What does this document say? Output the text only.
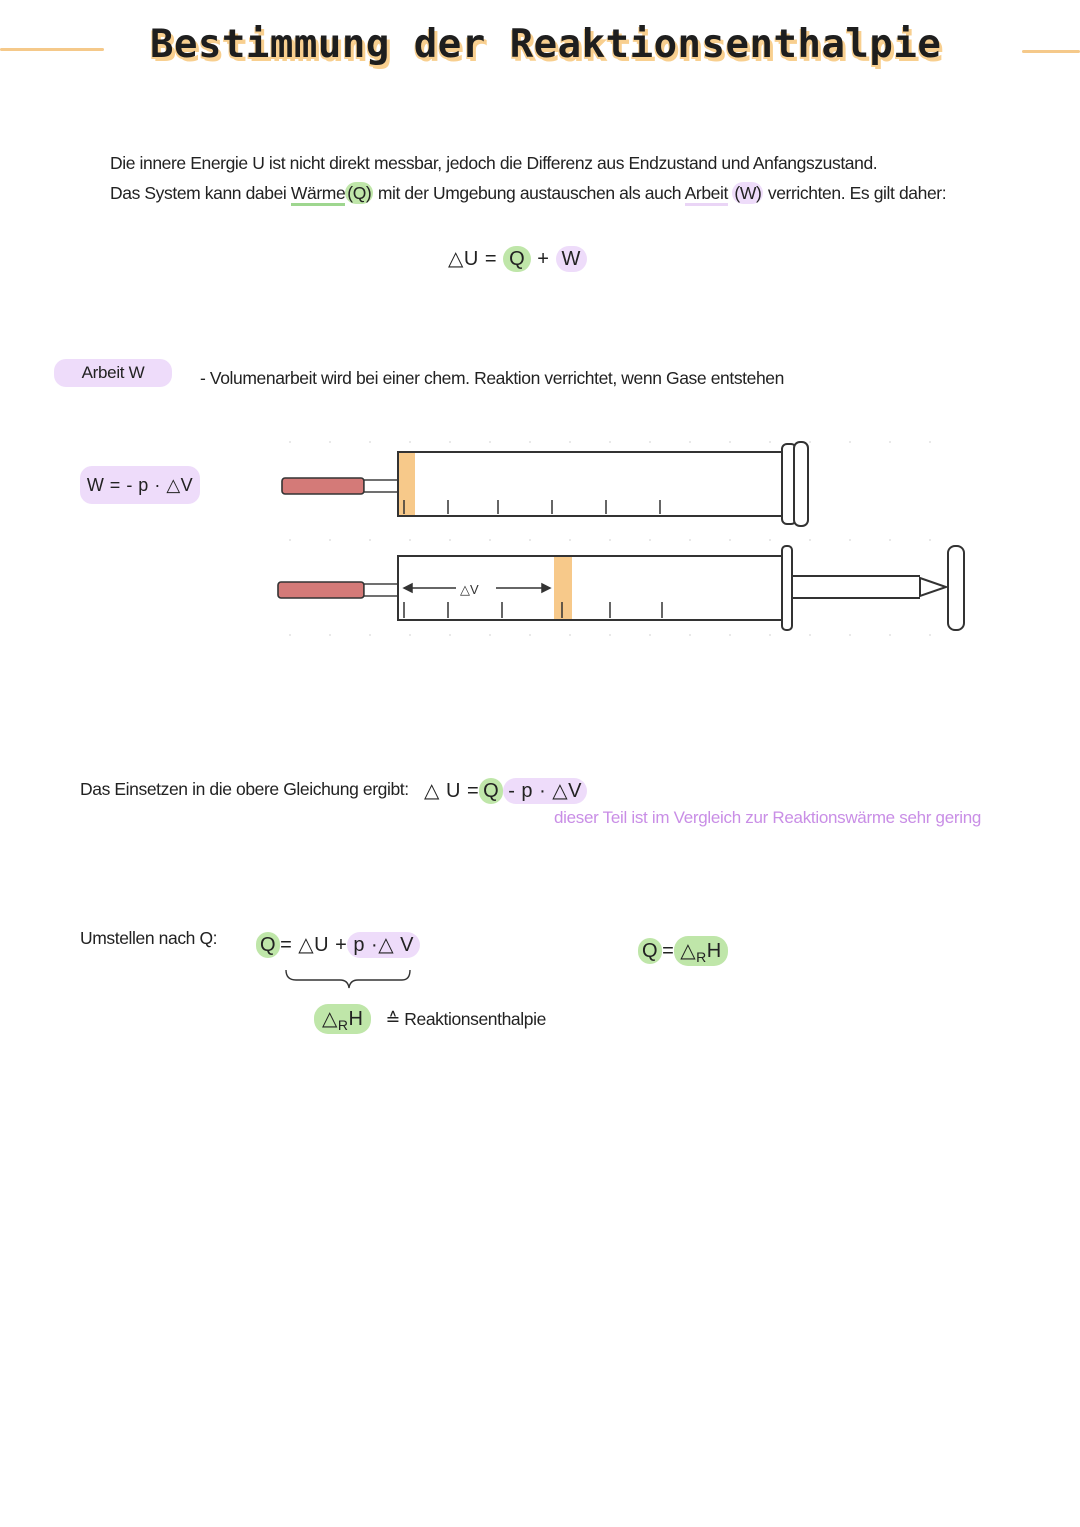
Bestimmung der Reaktionsenthalpie
Die innere Energie U ist nicht direkt messbar, jedoch die Differenz aus Endzustand und Anfangszustand.
Das System kann dabei Wärme (Q) mit der Umgebung austauschen als auch Arbeit (W) verrichten. Es gilt daher:
△U = Q + W
Arbeit W	- Volumenarbeit wird bei einer chem. Reaktion verrichtet, wenn Gase entstehen
W = - p · △V
△V
Das Einsetzen in die obere Gleichung ergibt: △ U = Q - p · △V
dieser Teil ist im Vergleich zur Reaktionswärme sehr gering
Umstellen nach Q: Q = △U + p ·△ V
$\triangle_RH$ ≙ Reaktionsenthalpie
$Q = \triangle_RH$
